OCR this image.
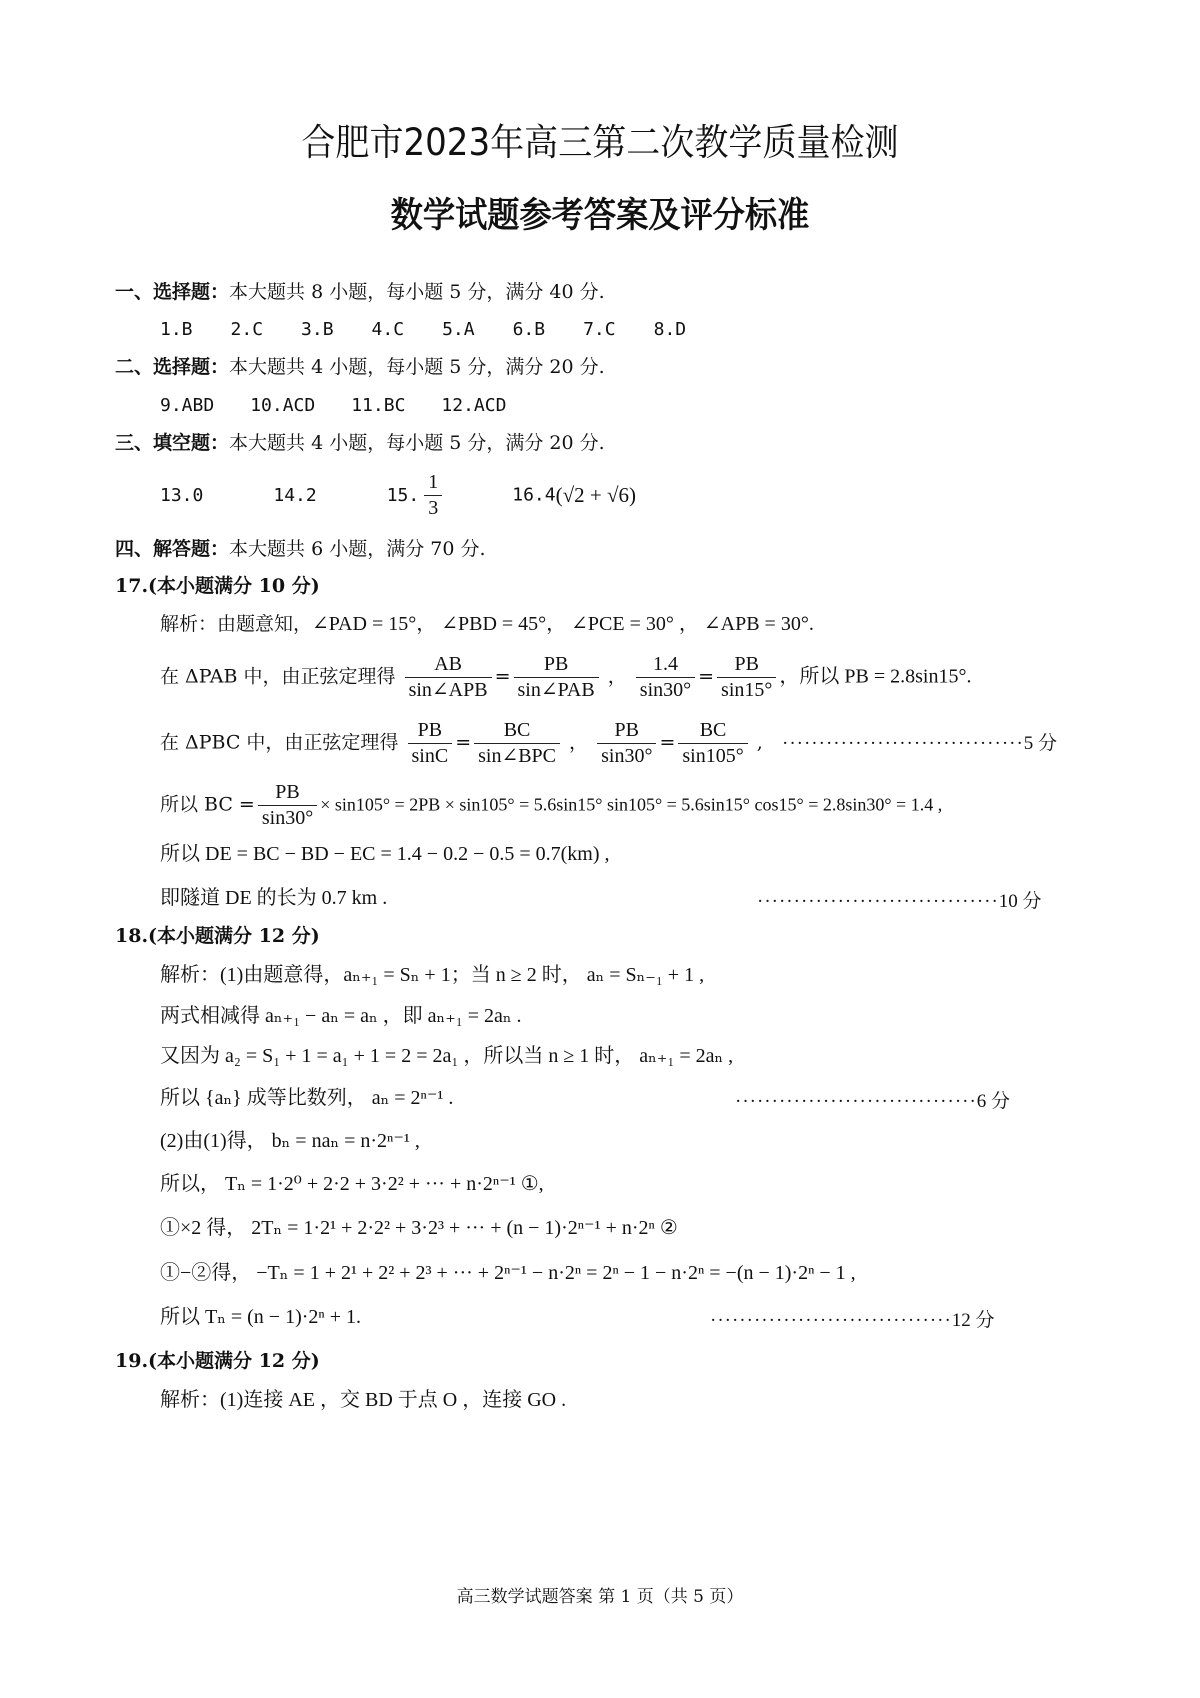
合肥市2023年高三第二次教学质量检测
数学试题参考答案及评分标准
一、选择题：本大题共 8 小题，每小题 5 分，满分 40 分.
1.B 2.C 3.B 4.C 5.A 6.B 7.C 8.D
二、选择题：本大题共 4 小题，每小题 5 分，满分 20 分.
9.ABD 10.ACD 11.BC 12.ACD
三、填空题：本大题共 4 小题，每小题 5 分，满分 20 分.
13.0	14.2	15. $\frac{1}{3}$	16.4(√2 + √6)
四、解答题：本大题共 6 小题，满分 70 分.
17.(本小题满分 10 分)
解析：由题意知，∠PAD = 15°， ∠PBD = 45°， ∠PCE = 30° ， ∠APB = 30°.
在 ΔPAB 中，由正弦定理得 $\frac{AB}{\text{sin∠APB}} = \frac{PB}{\text{sin∠PAB}}$ ， $\frac{1.4}{\sin 30^\circ} = \frac{PB}{\sin 15^\circ}$ ，所以 PB = 2.8sin15°.
在 ΔPBC 中，由正弦定理得 $\frac{PB}{\sin C} = \frac{BC}{\text{sin∠BPC}}$ ， $\frac{PB}{\sin 30^\circ} = \frac{BC}{\sin 105^\circ}$ , ·································5 分
所以 BC = $\frac{PB}{\sin 30^\circ} \times \sin 105^\circ = 2PB \times \sin 105^\circ = 5.6\sin 15^\circ$ sin105° = 5.6sin15° cos15° = 2.8sin30° = 1.4 ,
所以 DE = BC − BD − EC = 1.4 − 0.2 − 0.5 = 0.7(km) ,
即隧道 DE 的长为 0.7 km .	·································10 分
18.(本小题满分 12 分)
解析：(1)由题意得，aₙ₊₁ = Sₙ + 1；当 n ≥ 2 时， aₙ = Sₙ₋₁ + 1 ,
两式相减得 aₙ₊₁ − aₙ = aₙ ，即 aₙ₊₁ = 2aₙ .
又因为 a₂ = S₁ + 1 = a₁ + 1 = 2 = 2a₁ ，所以当 n ≥ 1 时， aₙ₊₁ = 2aₙ ,
所以 {aₙ} 成等比数列， aₙ = 2ⁿ⁻¹ .	·································6 分
(2)由(1)得， bₙ = naₙ = n·2ⁿ⁻¹ ,
所以， Tₙ = 1·2⁰ + 2·2 + 3·2² + ··· + n·2ⁿ⁻¹ ①,
①×2 得， 2Tₙ = 1·2¹ + 2·2² + 3·2³ + ··· + (n − 1)·2ⁿ⁻¹ + n·2ⁿ ②
①−②得， −Tₙ = 1 + 2¹ + 2² + 2³ + ··· + 2ⁿ⁻¹ − n·2ⁿ = 2ⁿ − 1 − n·2ⁿ = −(n − 1)·2ⁿ − 1 ,
所以 Tₙ = (n − 1)·2ⁿ + 1.	·································12 分
19.(本小题满分 12 分)
解析：(1)连接 AE ，交 BD 于点 O ，连接 GO .
高三数学试题答案 第 1 页（共 5 页）
